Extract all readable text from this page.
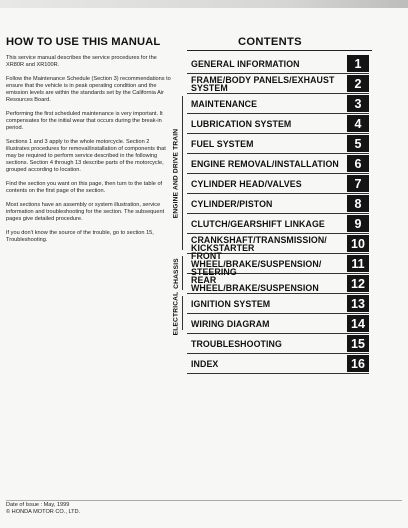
HOW TO USE THIS MANUAL

This service manual describes the service procedures for the XR80R and XR100R.

Follow the Maintenance Schedule (Section 3) recommendations to ensure that the vehicle is in peak operating condition and the emission levels are within the standards set by the California Air Resources Board.

Performing the first scheduled maintenance is very important. It compensates for the initial wear that occurs during the break-in period.

Sections 1 and 3 apply to the whole motorcycle. Section 2 illustrates procedures for removal/installation of components that may be required to perform service described in the following sections. Section 4 through 13 describe parts of the motorcycle, grouped according to location.

Find the section you want on this page, then turn to the table of contents on the first page of the section.

Most sections have an assembly or system illustration, service information and troubleshooting for the section. The subsequent pages give detailed procedure.

If you don't know the source of the trouble, go to section 15, Troubleshooting.

CONTENTS
ENGINE AND DRIVE TRAIN
CHASSIS
ELECTRICAL
GENERAL INFORMATION	1
FRAME/BODY PANELS/EXHAUST
SYSTEM	2
MAINTENANCE	3
LUBRICATION SYSTEM	4
FUEL SYSTEM	5
ENGINE REMOVAL/INSTALLATION	6
CYLINDER HEAD/VALVES	7
CYLINDER/PISTON	8
CLUTCH/GEARSHIFT LINKAGE	9
CRANKSHAFT/TRANSMISSION/
KICKSTARTER	10
FRONT WHEEL/BRAKE/SUSPENSION/
STEERING
11
REAR WHEEL/BRAKE/SUSPENSION	12
IGNITION SYSTEM	13
WIRING DIAGRAM	14
TROUBLESHOOTING	15
INDEX	16
Date of Issue : May, 1999
© HONDA MOTOR CO., LTD.
